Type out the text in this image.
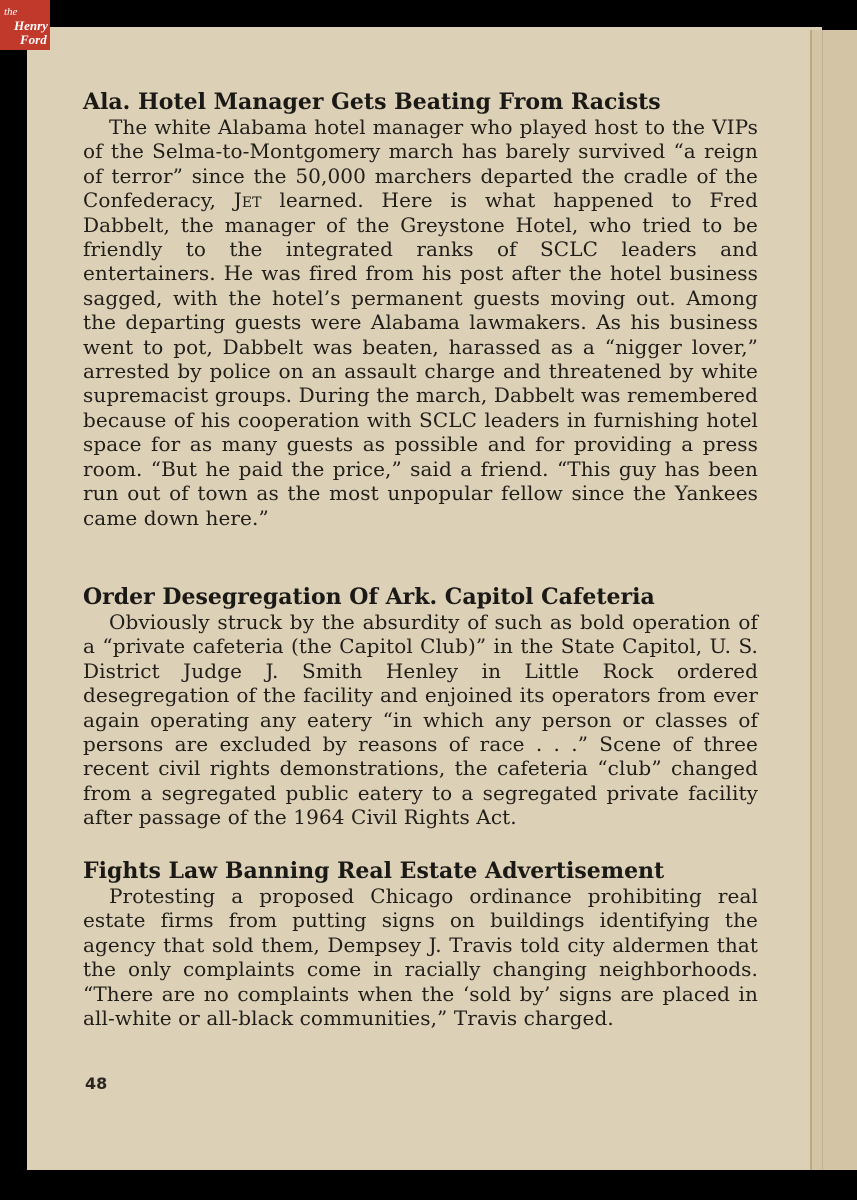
the
Henry
Ford
Ala. Hotel Manager Gets Beating From Racists
The white Alabama hotel manager who played host to the VIPs of the Selma-to-Montgomery march has barely survived “a reign of terror” since the 50,000 marchers departed the cradle of the Confederacy, Jet learned. Here is what happened to Fred Dabbelt, the manager of the Greystone Hotel, who tried to be friendly to the integrated ranks of SCLC leaders and entertainers. He was fired from his post after the hotel business sagged, with the hotel’s permanent guests moving out. Among the departing guests were Alabama lawmakers. As his business went to pot, Dabbelt was beaten, harassed as a “nigger lover,” arrested by police on an assault charge and threatened by white supremacist groups. During the march, Dabbelt was remembered because of his cooperation with SCLC leaders in furnishing hotel space for as many guests as possible and for providing a press room. “But he paid the price,” said a friend. “This guy has been run out of town as the most unpopular fellow since the Yankees came down here.”
Order Desegregation Of Ark. Capitol Cafeteria
Obviously struck by the absurdity of such as bold operation of a “private cafeteria (the Capitol Club)” in the State Capitol, U. S. District Judge J. Smith Henley in Little Rock ordered desegregation of the facility and enjoined its operators from ever again operating any eatery “in which any person or classes of persons are excluded by reasons of race . . .” Scene of three recent civil rights demonstrations, the cafeteria “club” changed from a segregated public eatery to a segregated private facility after passage of the 1964 Civil Rights Act.
Fights Law Banning Real Estate Advertisement
Protesting a proposed Chicago ordinance prohibiting real estate firms from putting signs on buildings identifying the agency that sold them, Dempsey J. Travis told city aldermen that the only complaints come in racially changing neighborhoods. “There are no complaints when the ‘sold by’ signs are placed in all-white or all-black communities,” Travis charged.
48
